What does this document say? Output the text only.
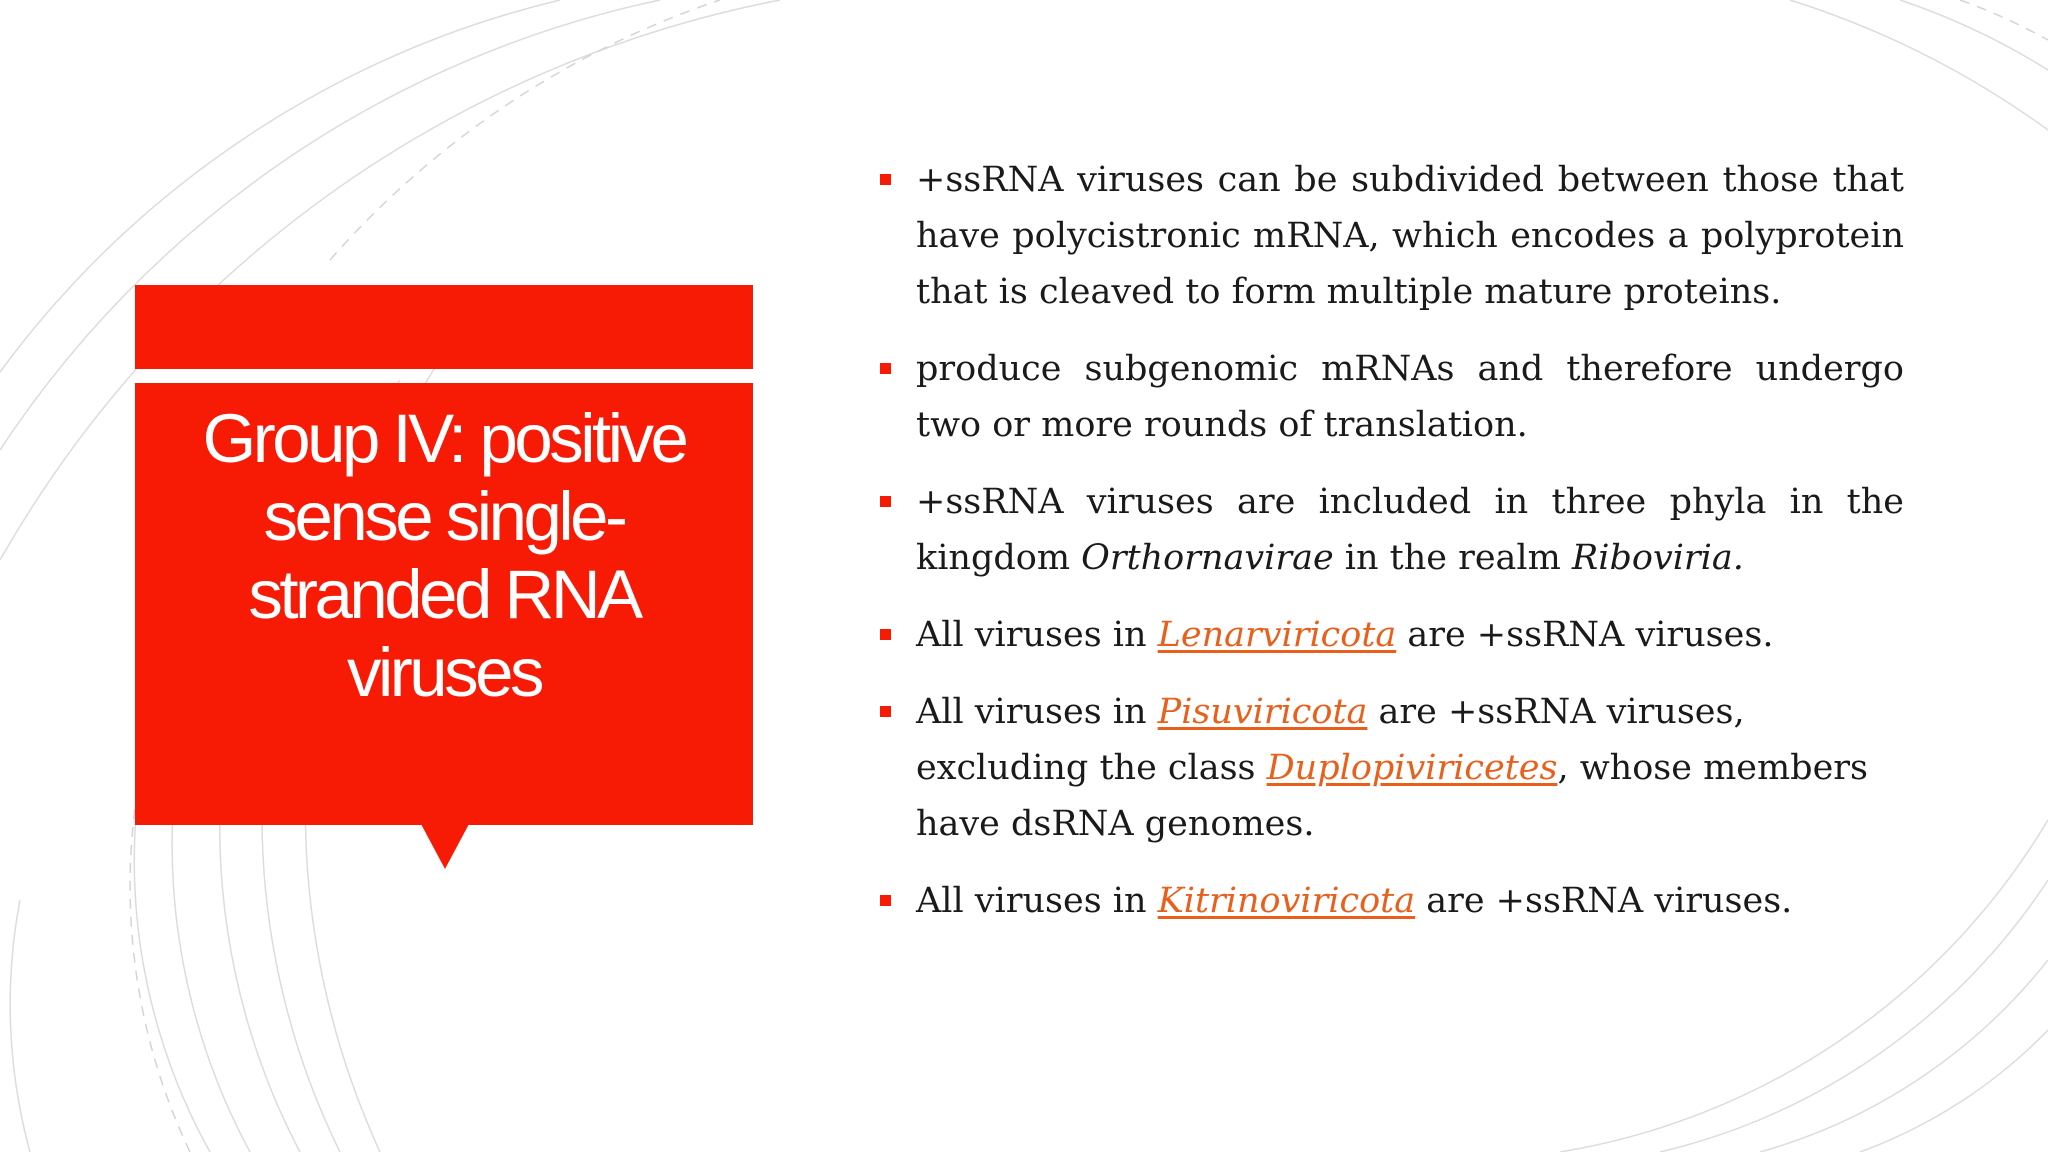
Group IV: positive
sense single-
stranded RNA
viruses
+ssRNA viruses can be subdivided between those that have polycistronic mRNA, which encodes a polyprotein that is cleaved to form multiple mature proteins.
produce subgenomic mRNAs and therefore undergo two or more rounds of translation.
+ssRNA viruses are included in three phyla in the kingdom Orthornavirae in the realm Riboviria.
All viruses in Lenarviricota are +ssRNA viruses.
All viruses in Pisuviricota are +ssRNA viruses, excluding the class Duplopiviricetes, whose members have dsRNA genomes.
All viruses in Kitrinoviricota are +ssRNA viruses.
